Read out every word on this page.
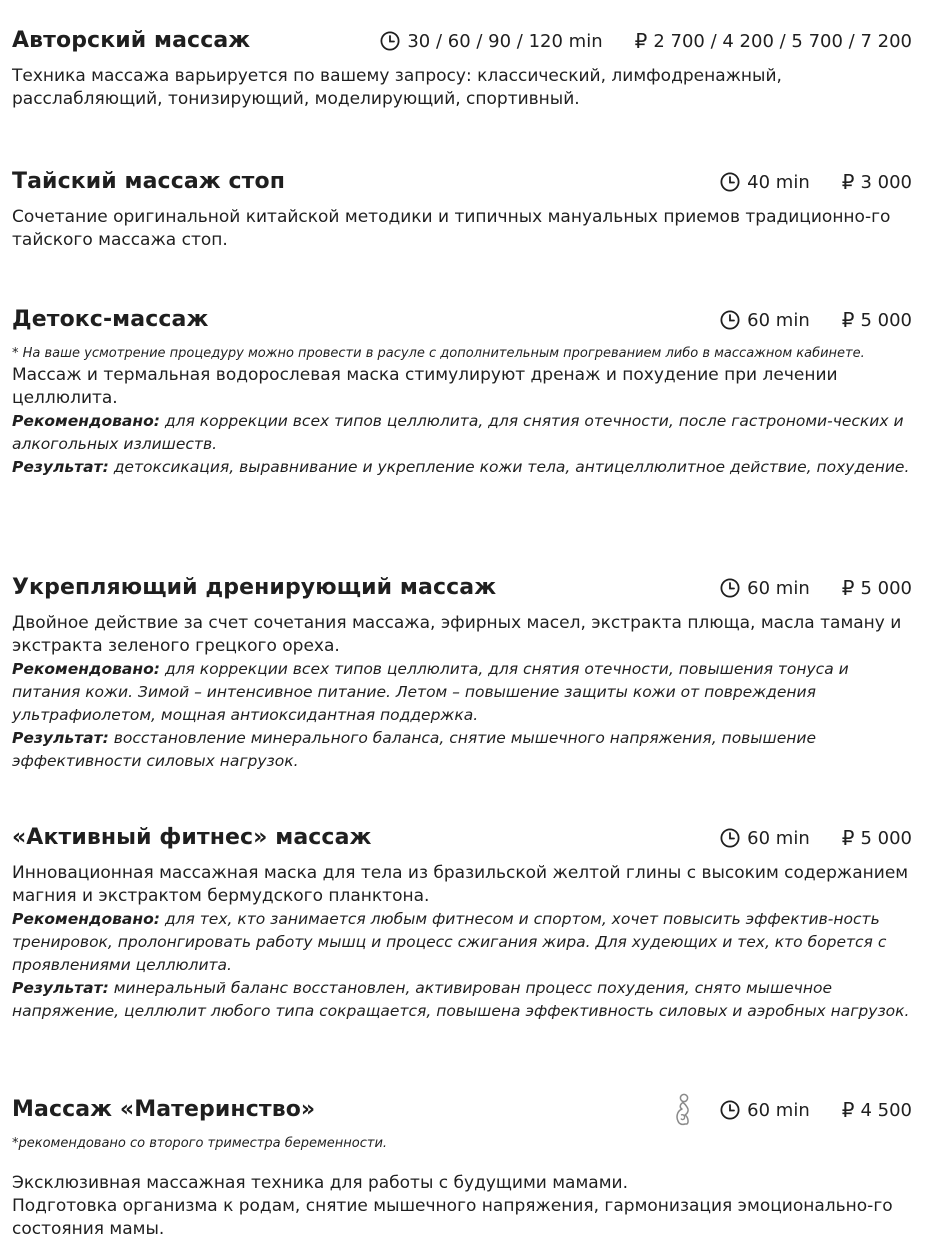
Авторский массаж	30 / 60 / 90 / 120 min ₽ 2 700 / 4 200 / 5 700 / 7 200

Техника массажа варьируется по вашему запросу: классический, лимфодренажный, расслабляющий, тонизирующий, моделирующий, спортивный.

Тайский массаж стоп	40 min ₽ 3 000

Сочетание оригинальной китайской методики и типичных мануальных приемов традиционно-го тайского массажа стоп.

Детокс-массаж	60 min ₽ 5 000

* На ваше усмотрение процедуру можно провести в расуле с дополнительным прогреванием либо в массажном кабинете.

Массаж и термальная водорослевая маска стимулируют дренаж и похудение при лечении целлюлита.

Рекомендовано: для коррекции всех типов целлюлита, для снятия отечности, после гастрономи-ческих и алкогольных излишеств.

Результат: детоксикация, выравнивание и укрепление кожи тела, антицеллюлитное действие, похудение.

Укрепляющий дренирующий массаж	60 min ₽ 5 000

Двойное действие за счет сочетания массажа, эфирных масел, экстракта плюща, масла таману и экстракта зеленого грецкого ореха.

Рекомендовано: для коррекции всех типов целлюлита, для снятия отечности, повышения тонуса и питания кожи. Зимой – интенсивное питание. Летом – повышение защиты кожи от повреждения ультрафиолетом, мощная антиоксидантная поддержка.

Результат: восстановление минерального баланса, снятие мышечного напряжения, повышение эффективности силовых нагрузок.

«Активный фитнес» массаж	60 min ₽ 5 000

Инновационная массажная маска для тела из бразильской желтой глины с высоким содержанием магния и экстрактом бермудского планктона.

Рекомендовано: для тех, кто занимается любым фитнесом и спортом, хочет повысить эффектив-ность тренировок, пролонгировать работу мышц и процесс сжигания жира. Для худеющих и тех, кто борется с проявлениями целлюлита.

Результат: минеральный баланс восстановлен, активирован процесс похудения, снято мышечное напряжение, целлюлит любого типа сокращается, повышена эффективность силовых и аэробных нагрузок.

Массаж «Материнство»	60 min ₽ 4 500

*рекомендовано со второго триместра беременности.

Эксклюзивная массажная техника для работы с будущими мамами.

Подготовка организма к родам, снятие мышечного напряжения, гармонизация эмоционально-го состояния мамы.
